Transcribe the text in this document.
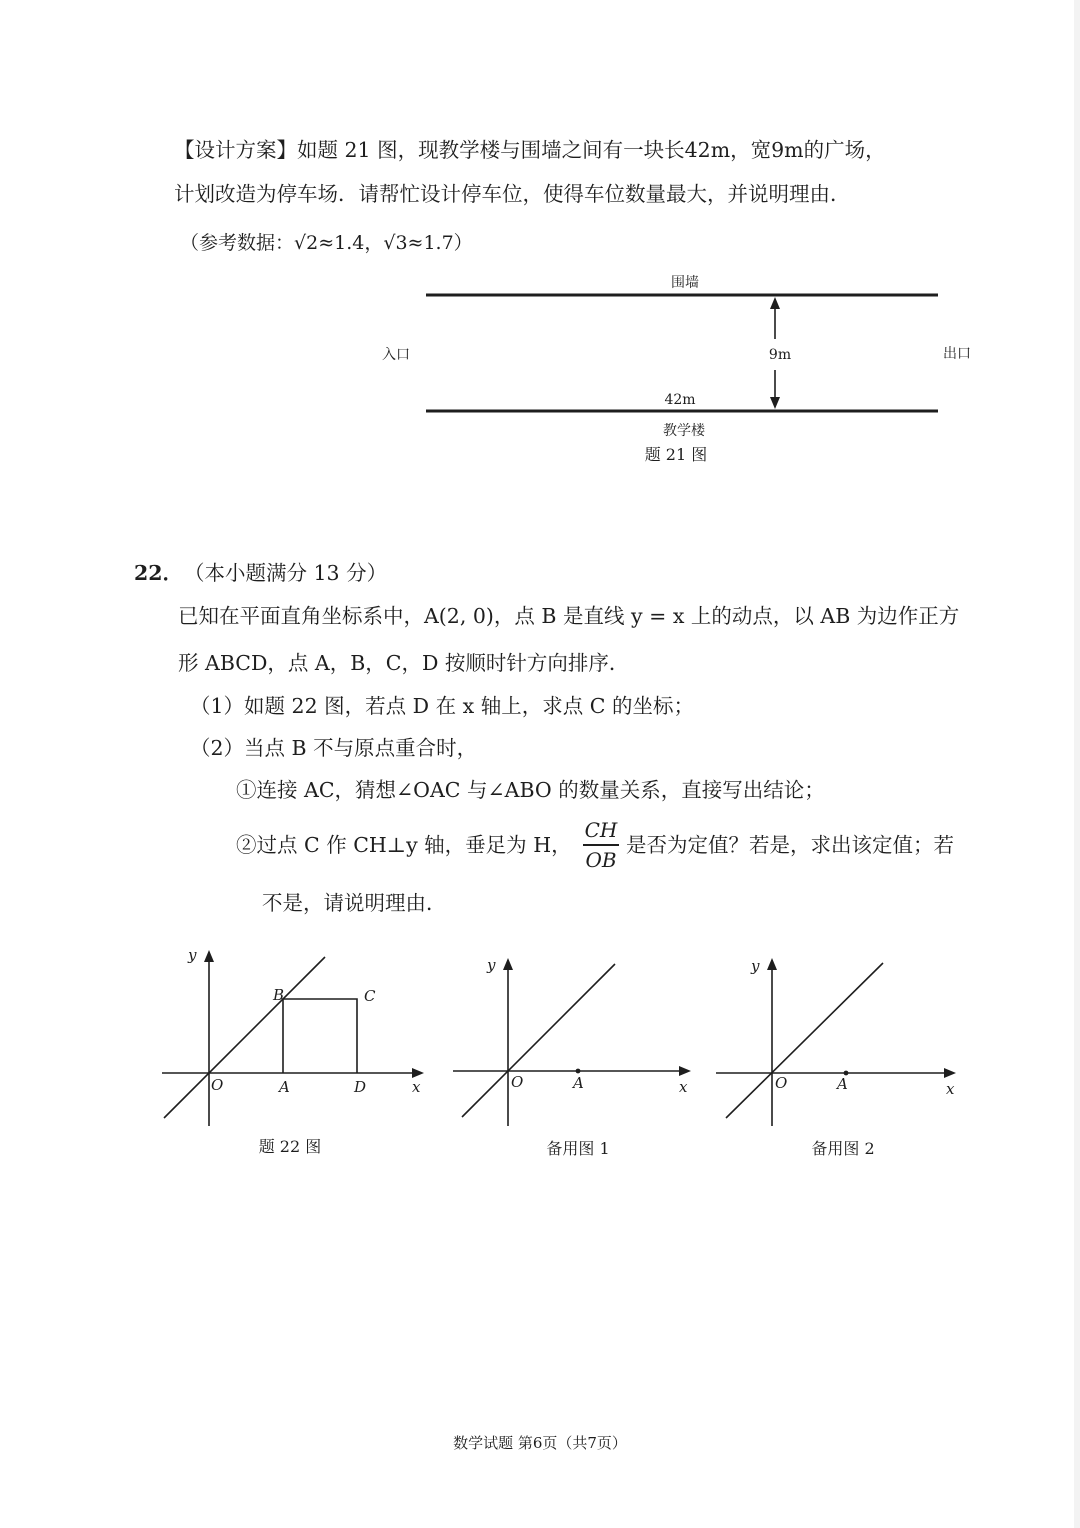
【设计方案】如题 21 图，现教学楼与围墙之间有一块长42m，宽9m的广场，
计划改造为停车场．请帮忙设计停车位，使得车位数量最大，并说明理由．
（参考数据：√2≈1.4，√3≈1.7）
围墙
入口	出口
9m
42m
教学楼
题 21 图
22． （本小题满分 13 分）
已知在平面直角坐标系中，A(2, 0)，点 B 是直线 y = x 上的动点，以 AB 为边作正方
形 ABCD，点 A，B，C，D 按顺时针方向排序．
（1）如题 22 图，若点 D 在 x 轴上，求点 C 的坐标；
（2）当点 B 不与原点重合时，
①连接 AC，猜想∠OAC 与∠ABO 的数量关系，直接写出结论；
②过点 C 作 CH⊥y 轴，垂足为 H，
CH
OB
是否为定值？若是，求出该定值；若
不是，请说明理由．
y
x
O	A
B	C
D
题 22 图
y
x
O	A
备用图 1
y
x
O	A
备用图 2
数学试题 第6页（共7页）
